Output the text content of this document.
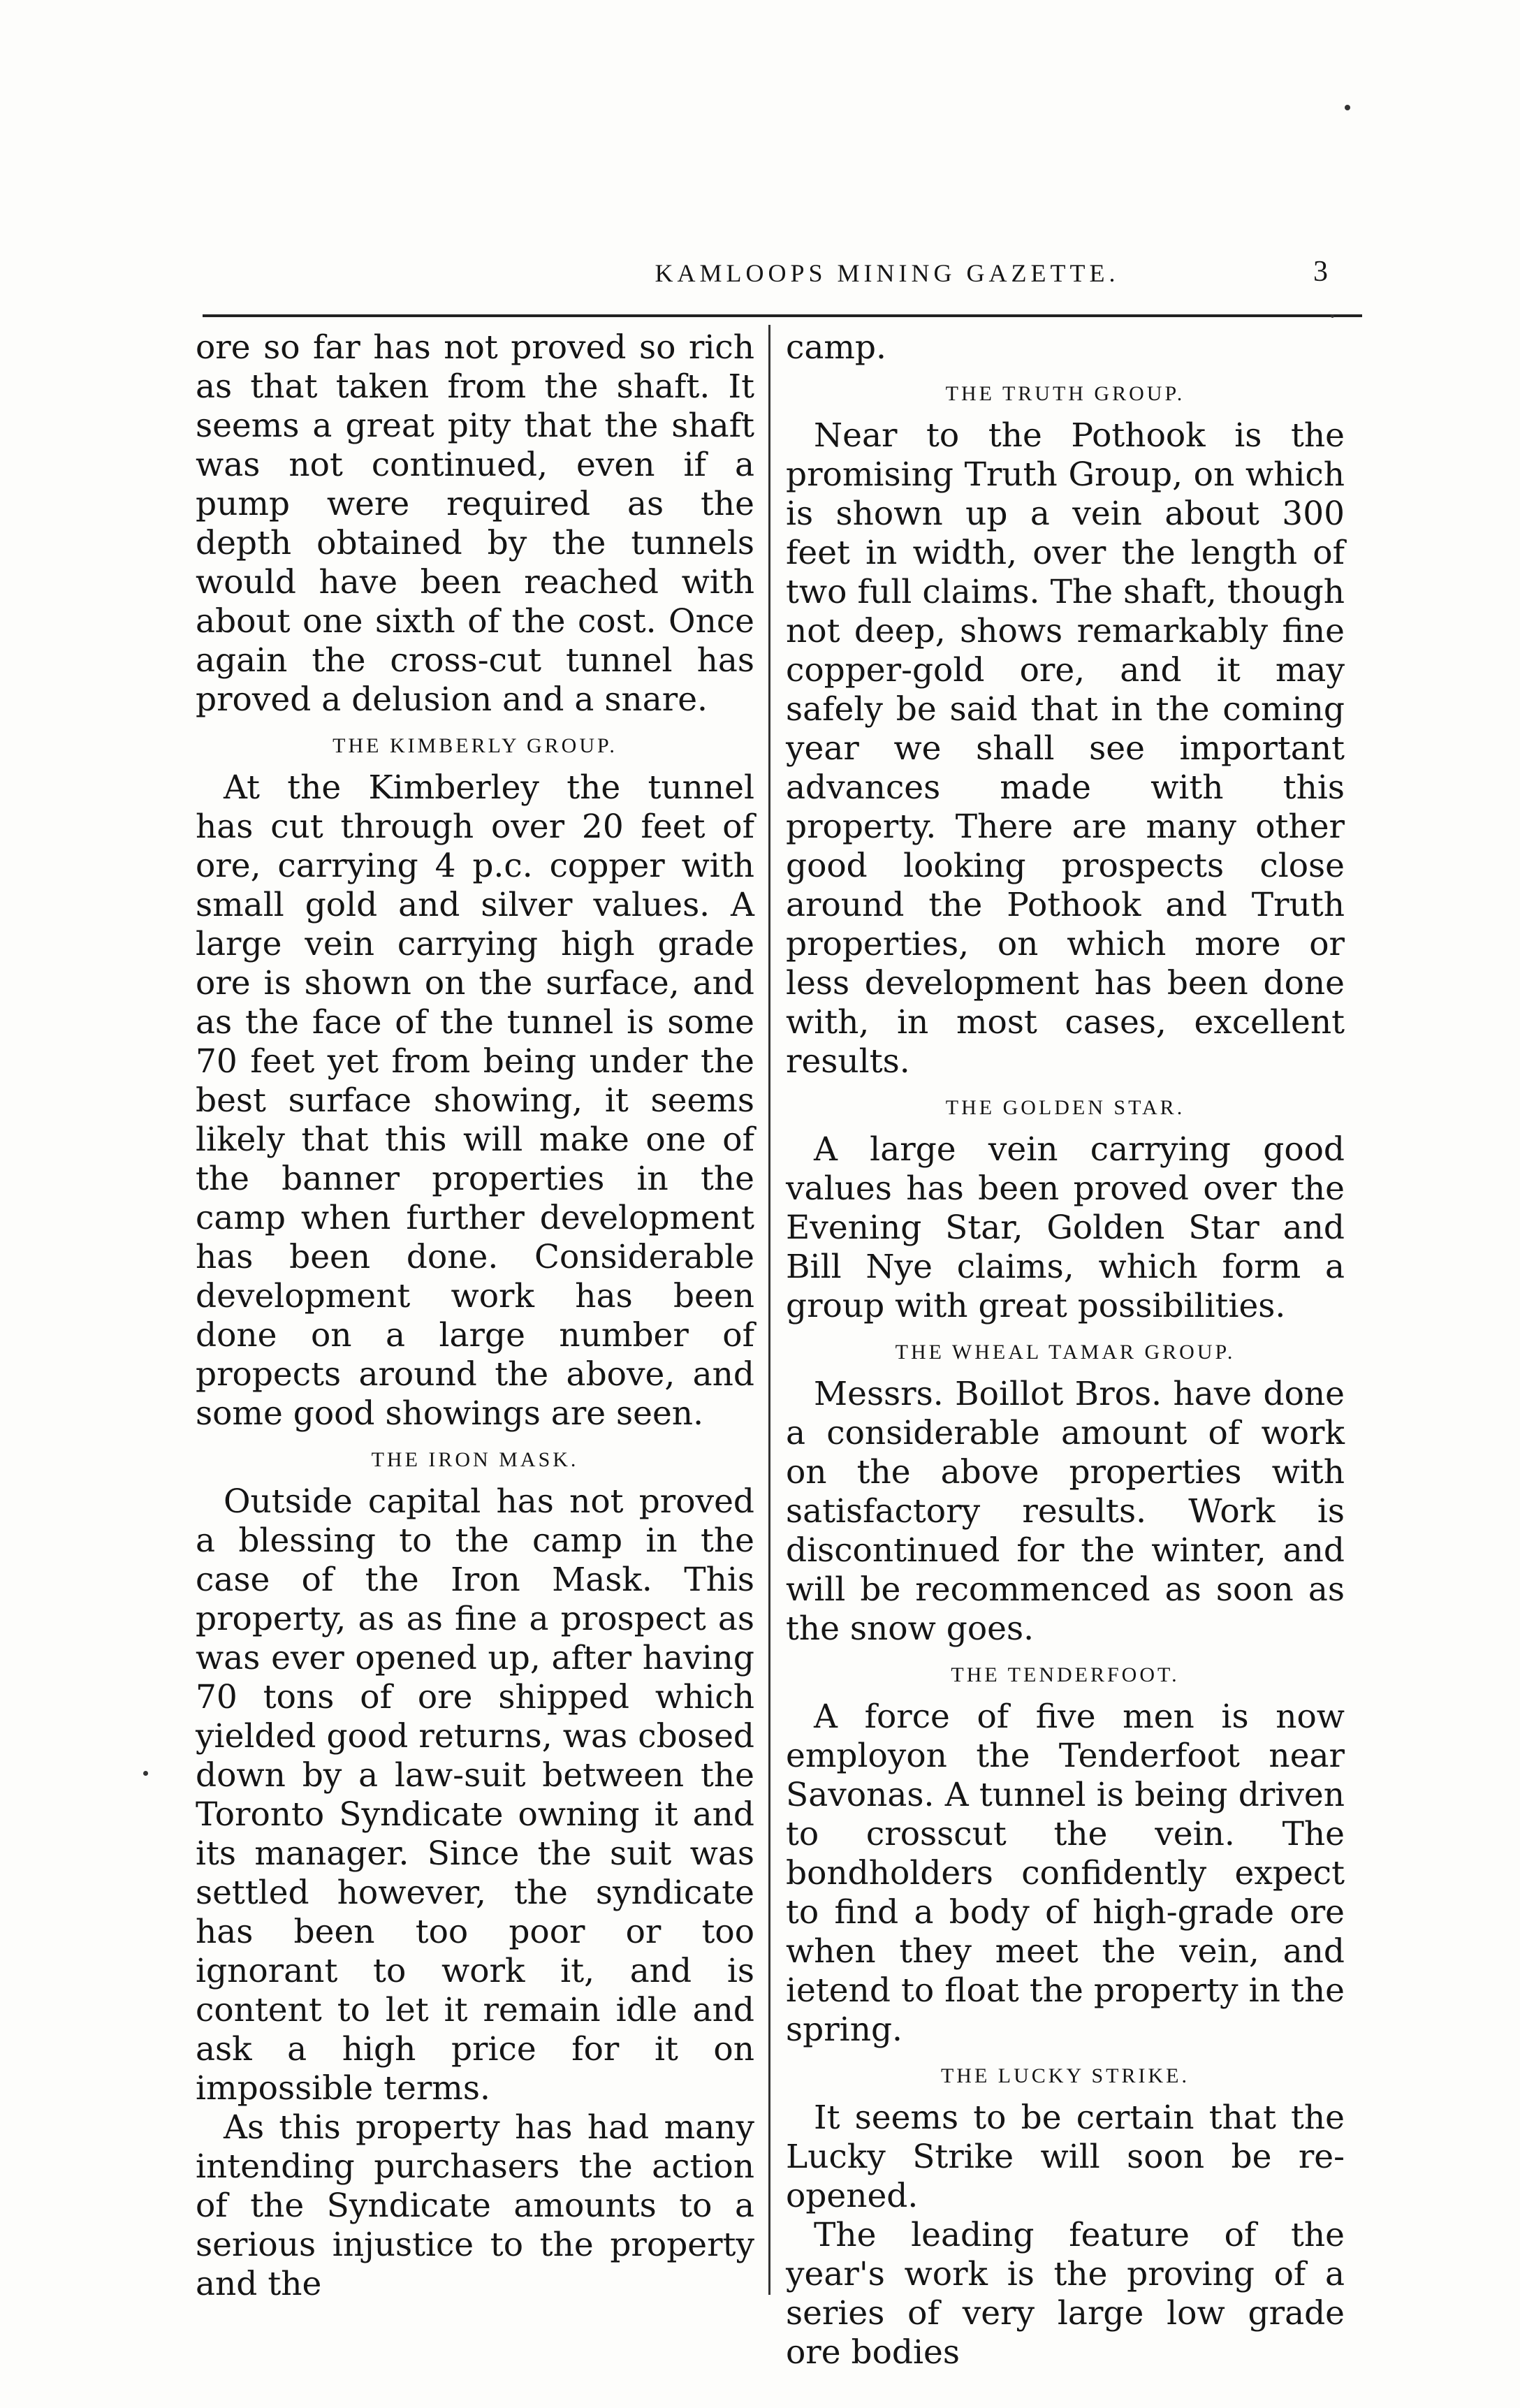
KAMLOOPS MINING GAZETTE.	3

ore so far has not proved so rich as that taken from the shaft. It seems a great pity that the shaft was not continued, even if a pump were required as the depth obtained by the tunnels would have been reached with about one sixth of the cost. Once again the cross-cut tunnel has proved a delusion and a snare.

THE KIMBERLY GROUP.

At the Kimberley the tunnel has cut through over 20 feet of ore, carrying 4 p.c. copper with small gold and silver values. A large vein carrying high grade ore is shown on the surface, and as the face of the tunnel is some 70 feet yet from being under the best surface showing, it seems likely that this will make one of the banner properties in the camp when further development has been done. Considerable development work has been done on a large number of propects around the above, and some good showings are seen.

THE IRON MASK.

Outside capital has not proved a blessing to the camp in the case of the Iron Mask. This property, as as fine a prospect as was ever opened up, after having 70 tons of ore shipped which yielded good returns, was cbosed down by a law-suit between the Toronto Syndicate owning it and its manager. Since the suit was settled however, the syndicate has been too poor or too ignorant to work it, and is content to let it remain idle and ask a high price for it on impossible terms.

As this property has had many intending purchasers the action of the Syndicate amounts to a serious injustice to the property and the

camp.

THE TRUTH GROUP.

Near to the Pothook is the promising Truth Group, on which is shown up a vein about 300 feet in width, over the length of two full claims. The shaft, though not deep, shows remarkably fine copper-gold ore, and it may safely be said that in the coming year we shall see important advances made with this property. There are many other good looking prospects close around the Pothook and Truth properties, on which more or less development has been done with, in most cases, excellent results.

THE GOLDEN STAR.

A large vein carrying good values has been proved over the Evening Star, Golden Star and Bill Nye claims, which form a group with great possibilities.

THE WHEAL TAMAR GROUP.

Messrs. Boillot Bros. have done a considerable amount of work on the above properties with satisfactory results. Work is discontinued for the winter, and will be recommenced as soon as the snow goes.

THE TENDERFOOT.

A force of five men is now employon the Tenderfoot near Savonas. A tunnel is being driven to crosscut the vein. The bondholders confidently expect to find a body of high-grade ore when they meet the vein, and ietend to float the property in the spring.

THE LUCKY STRIKE.

It seems to be certain that the Lucky Strike will soon be re-opened.

The leading feature of the year's work is the proving of a series of very large low grade ore bodies
